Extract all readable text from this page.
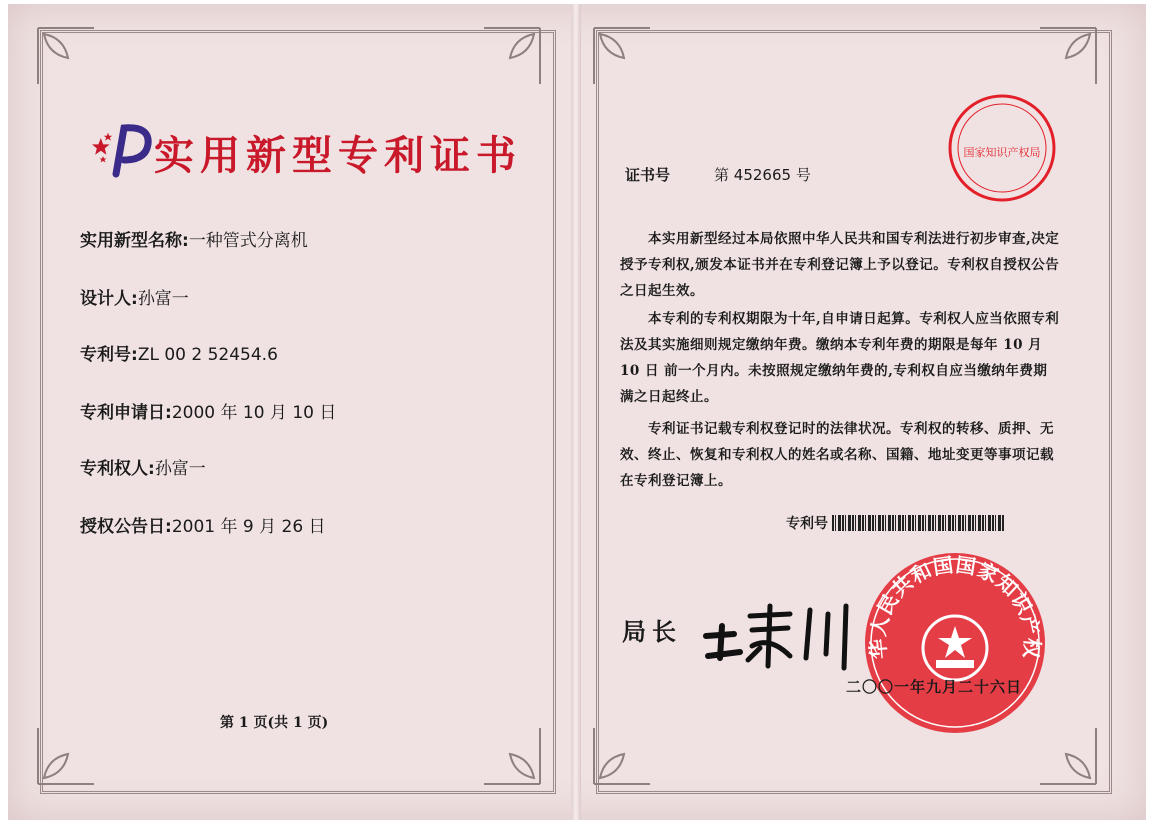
实用新型专利证书
实用新型名称:一种管式分离机
设计人:孙富一
专利号:ZL 00 2 52454.6
专利申请日:2000 年 10 月 10 日
专利权人:孙富一
授权公告日:2001 年 9 月 26 日
第 1 页(共 1 页)
国家知识产权局
证书号	第 452665 号
本实用新型经过本局依照中华人民共和国专利法进行初步审查,决定授予专利权,颁发本证书并在专利登记簿上予以登记。专利权自授权公告之日起生效。
本专利的专利权期限为十年,自申请日起算。专利权人应当依照专利法及其实施细则规定缴纳年费。缴纳本专利年费的期限是每年 10 月 10 日 前一个月内。未按照规定缴纳年费的,专利权自应当缴纳年费期满之日起终止。
专利证书记载专利权登记时的法律状况。专利权的转移、质押、无效、终止、恢复和专利权人的姓名或名称、国籍、地址变更等事项记载在专利登记簿上。
专利号
局长
华人民共和国国家知识产权
二〇〇一年九月二十六日
